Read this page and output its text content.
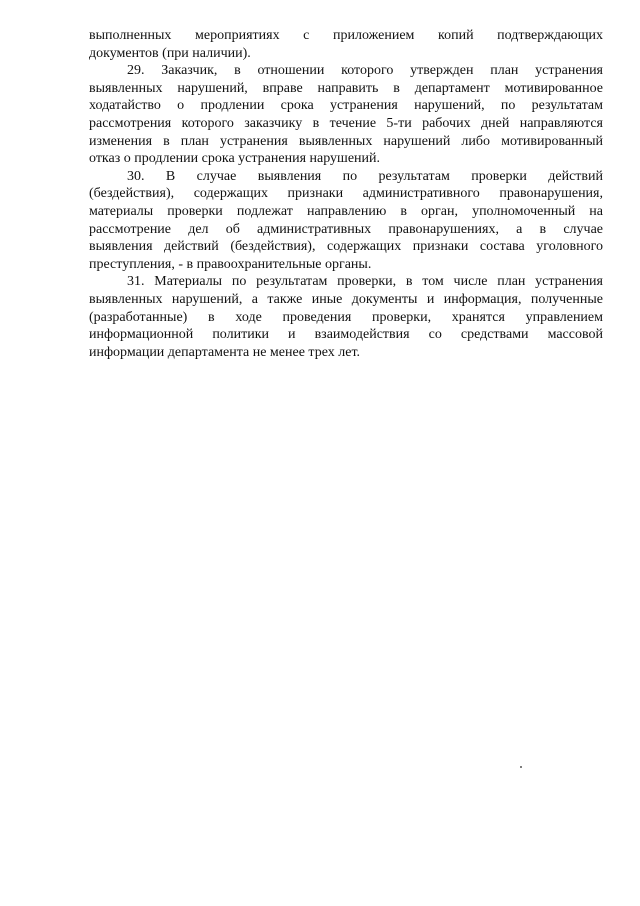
выполненных мероприятиях с приложением копий подтверждающих
документов (при наличии).
29. Заказчик, в отношении которого утвержден план устранения
выявленных нарушений, вправе направить в департамент мотивированное
ходатайство о продлении срока устранения нарушений, по результатам
рассмотрения которого заказчику в течение 5-ти рабочих дней направляются
изменения в план устранения выявленных нарушений либо мотивированный
отказ о продлении срока устранения нарушений.
30. В случае выявления по результатам проверки действий
(бездействия), содержащих признаки административного правонарушения,
материалы проверки подлежат направлению в орган, уполномоченный на
рассмотрение дел об административных правонарушениях, а в случае
выявления действий (бездействия), содержащих признаки состава уголовного
преступления, - в правоохранительные органы.
31. Материалы по результатам проверки, в том числе план устранения
выявленных нарушений, а также иные документы и информация, полученные
(разработанные) в ходе проведения проверки, хранятся управлением
информационной политики и взаимодействия со средствами массовой
информации департамента не менее трех лет.
